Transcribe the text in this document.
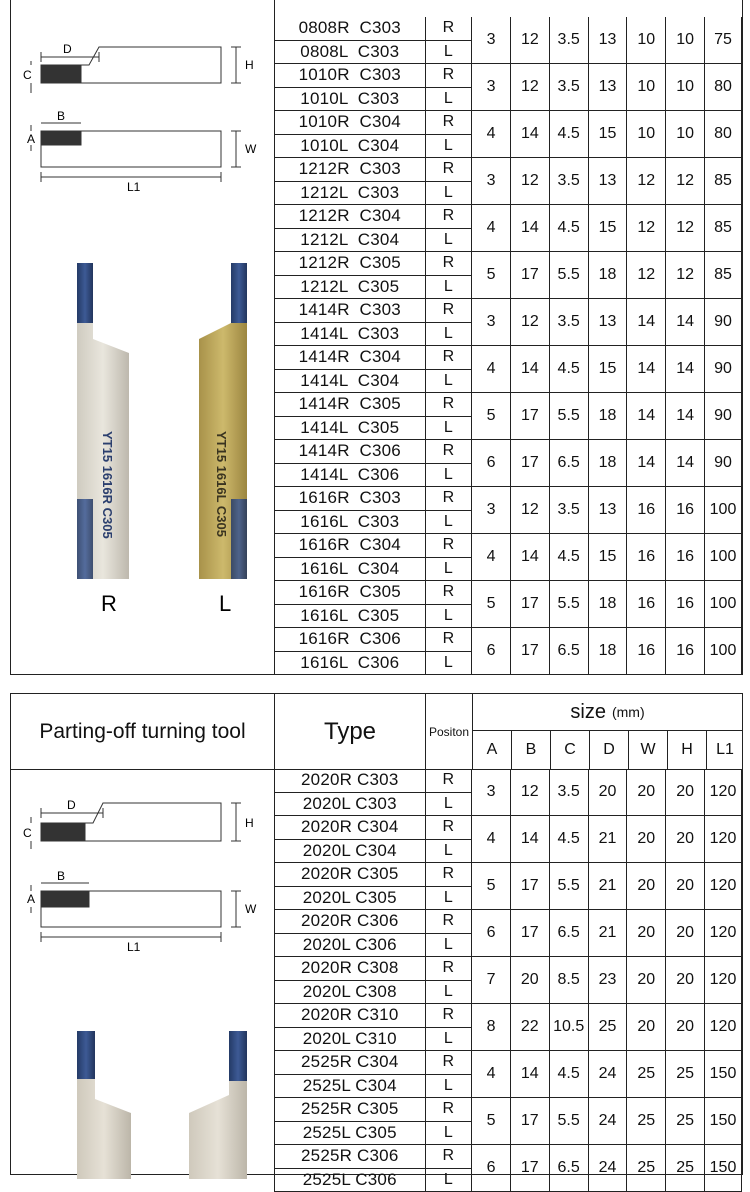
D
H
C
B
A
W
L1
YT15 1616R C305	YT15 1616L C305
R	L
0808R  C303	R	3	12	3.5	13	10	10	75
0808L  C303	L							
1010R  C303	R	3	12	3.5	13	10	10	80
1010L  C303	L							
1010R  C304	R	4	14	4.5	15	10	10	80
1010L  C304	L							
1212R  C303	R	3	12	3.5	13	12	12	85
1212L  C303	L							
1212R  C304	R	4	14	4.5	15	12	12	85
1212L  C304	L							
1212R  C305	R	5	17	5.5	18	12	12	85
1212L  C305	L							
1414R  C303	R	3	12	3.5	13	14	14	90
1414L  C303	L							
1414R  C304	R	4	14	4.5	15	14	14	90
1414L  C304	L							
1414R  C305	R	5	17	5.5	18	14	14	90
1414L  C305	L							
1414R  C306	R	6	17	6.5	18	14	14	90
1414L  C306	L							
1616R  C303	R	3	12	3.5	13	16	16	100
1616L  C303	L							
1616R  C304	R	4	14	4.5	15	16	16	100
1616L  C304	L							
1616R  C305	R	5	17	5.5	18	16	16	100
1616L  C305	L							
1616R  C306	R	6	17	6.5	18	16	16	100
1616L  C306	L							
Parting-off turning tool	Type	Positon
size (mm)
A	B	C	D	W	H	L1
D
H
C
B
A
W
L1
2020R C303	R	3	12	3.5	20	20	20	120
2020L C303	L							
2020R C304	R	4	14	4.5	21	20	20	120
2020L C304	L							
2020R C305	R	5	17	5.5	21	20	20	120
2020L C305	L							
2020R C306	R	6	17	6.5	21	20	20	120
2020L C306	L							
2020R C308	R	7	20	8.5	23	20	20	120
2020L C308	L							
2020R C310	R	8	22	10.5	25	20	20	120
2020L C310	L							
2525R C304	R	4	14	4.5	24	25	25	150
2525L C304	L							
2525R C305	R	5	17	5.5	24	25	25	150
2525L C305	L							
2525R C306	R	6	17	6.5	24	25	25	150
2525L C306	L							
